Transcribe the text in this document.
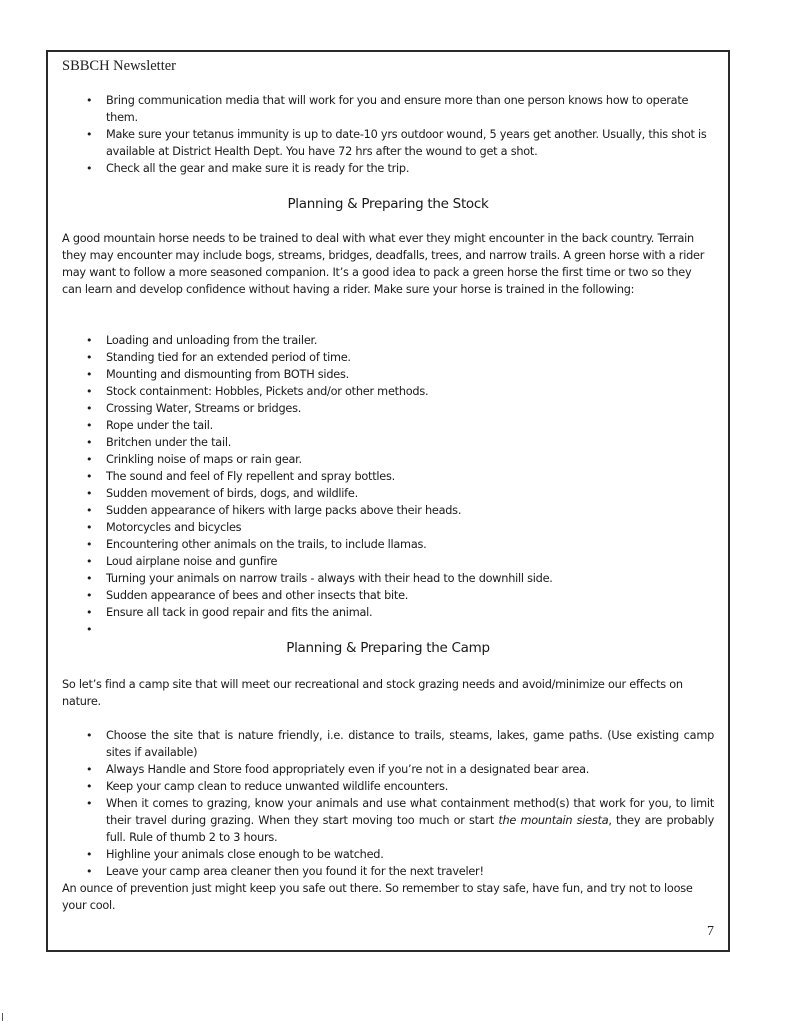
SBBCH Newsletter
• Bring communication media that will work for you and ensure more than one person knows how to operate them.
• Make sure your tetanus immunity is up to date-10 yrs outdoor wound, 5 years get another. Usually, this shot is available at District Health Dept. You have 72 hrs after the wound to get a shot.
• Check all the gear and make sure it is ready for the trip.
Planning & Preparing the Stock
A good mountain horse needs to be trained to deal with what ever they might encounter in the back country. Terrain they may encounter may include bogs, streams, bridges, deadfalls, trees, and narrow trails. A green horse with a rider may want to follow a more seasoned companion. It’s a good idea to pack a green horse the first time or two so they can learn and develop confidence without having a rider. Make sure your horse is trained in the following:
• Loading and unloading from the trailer.
• Standing tied for an extended period of time.
• Mounting and dismounting from BOTH sides.
• Stock containment: Hobbles, Pickets and/or other methods.
• Crossing Water, Streams or bridges.
• Rope under the tail.
• Britchen under the tail.
• Crinkling noise of maps or rain gear.
• The sound and feel of Fly repellent and spray bottles.
• Sudden movement of birds, dogs, and wildlife.
• Sudden appearance of hikers with large packs above their heads.
• Motorcycles and bicycles
• Encountering other animals on the trails, to include llamas.
• Loud airplane noise and gunfire
• Turning your animals on narrow trails - always with their head to the downhill side.
• Sudden appearance of bees and other insects that bite.
• Ensure all tack in good repair and fits the animal.
•
Planning & Preparing the Camp
So let’s find a camp site that will meet our recreational and stock grazing needs and avoid/minimize our effects on nature.
• Choose the site that is nature friendly, i.e. distance to trails, steams, lakes, game paths. (Use existing camp sites if available)
• Always Handle and Store food appropriately even if you’re not in a designated bear area.
• Keep your camp clean to reduce unwanted wildlife encounters.
• When it comes to grazing, know your animals and use what containment method(s) that work for you, to limit their travel during grazing. When they start moving too much or start the mountain siesta, they are probably full. Rule of thumb 2 to 3 hours.
• Highline your animals close enough to be watched.
• Leave your camp area cleaner then you found it for the next traveler!
An ounce of prevention just might keep you safe out there. So remember to stay safe, have fun, and try not to loose your cool.
7
